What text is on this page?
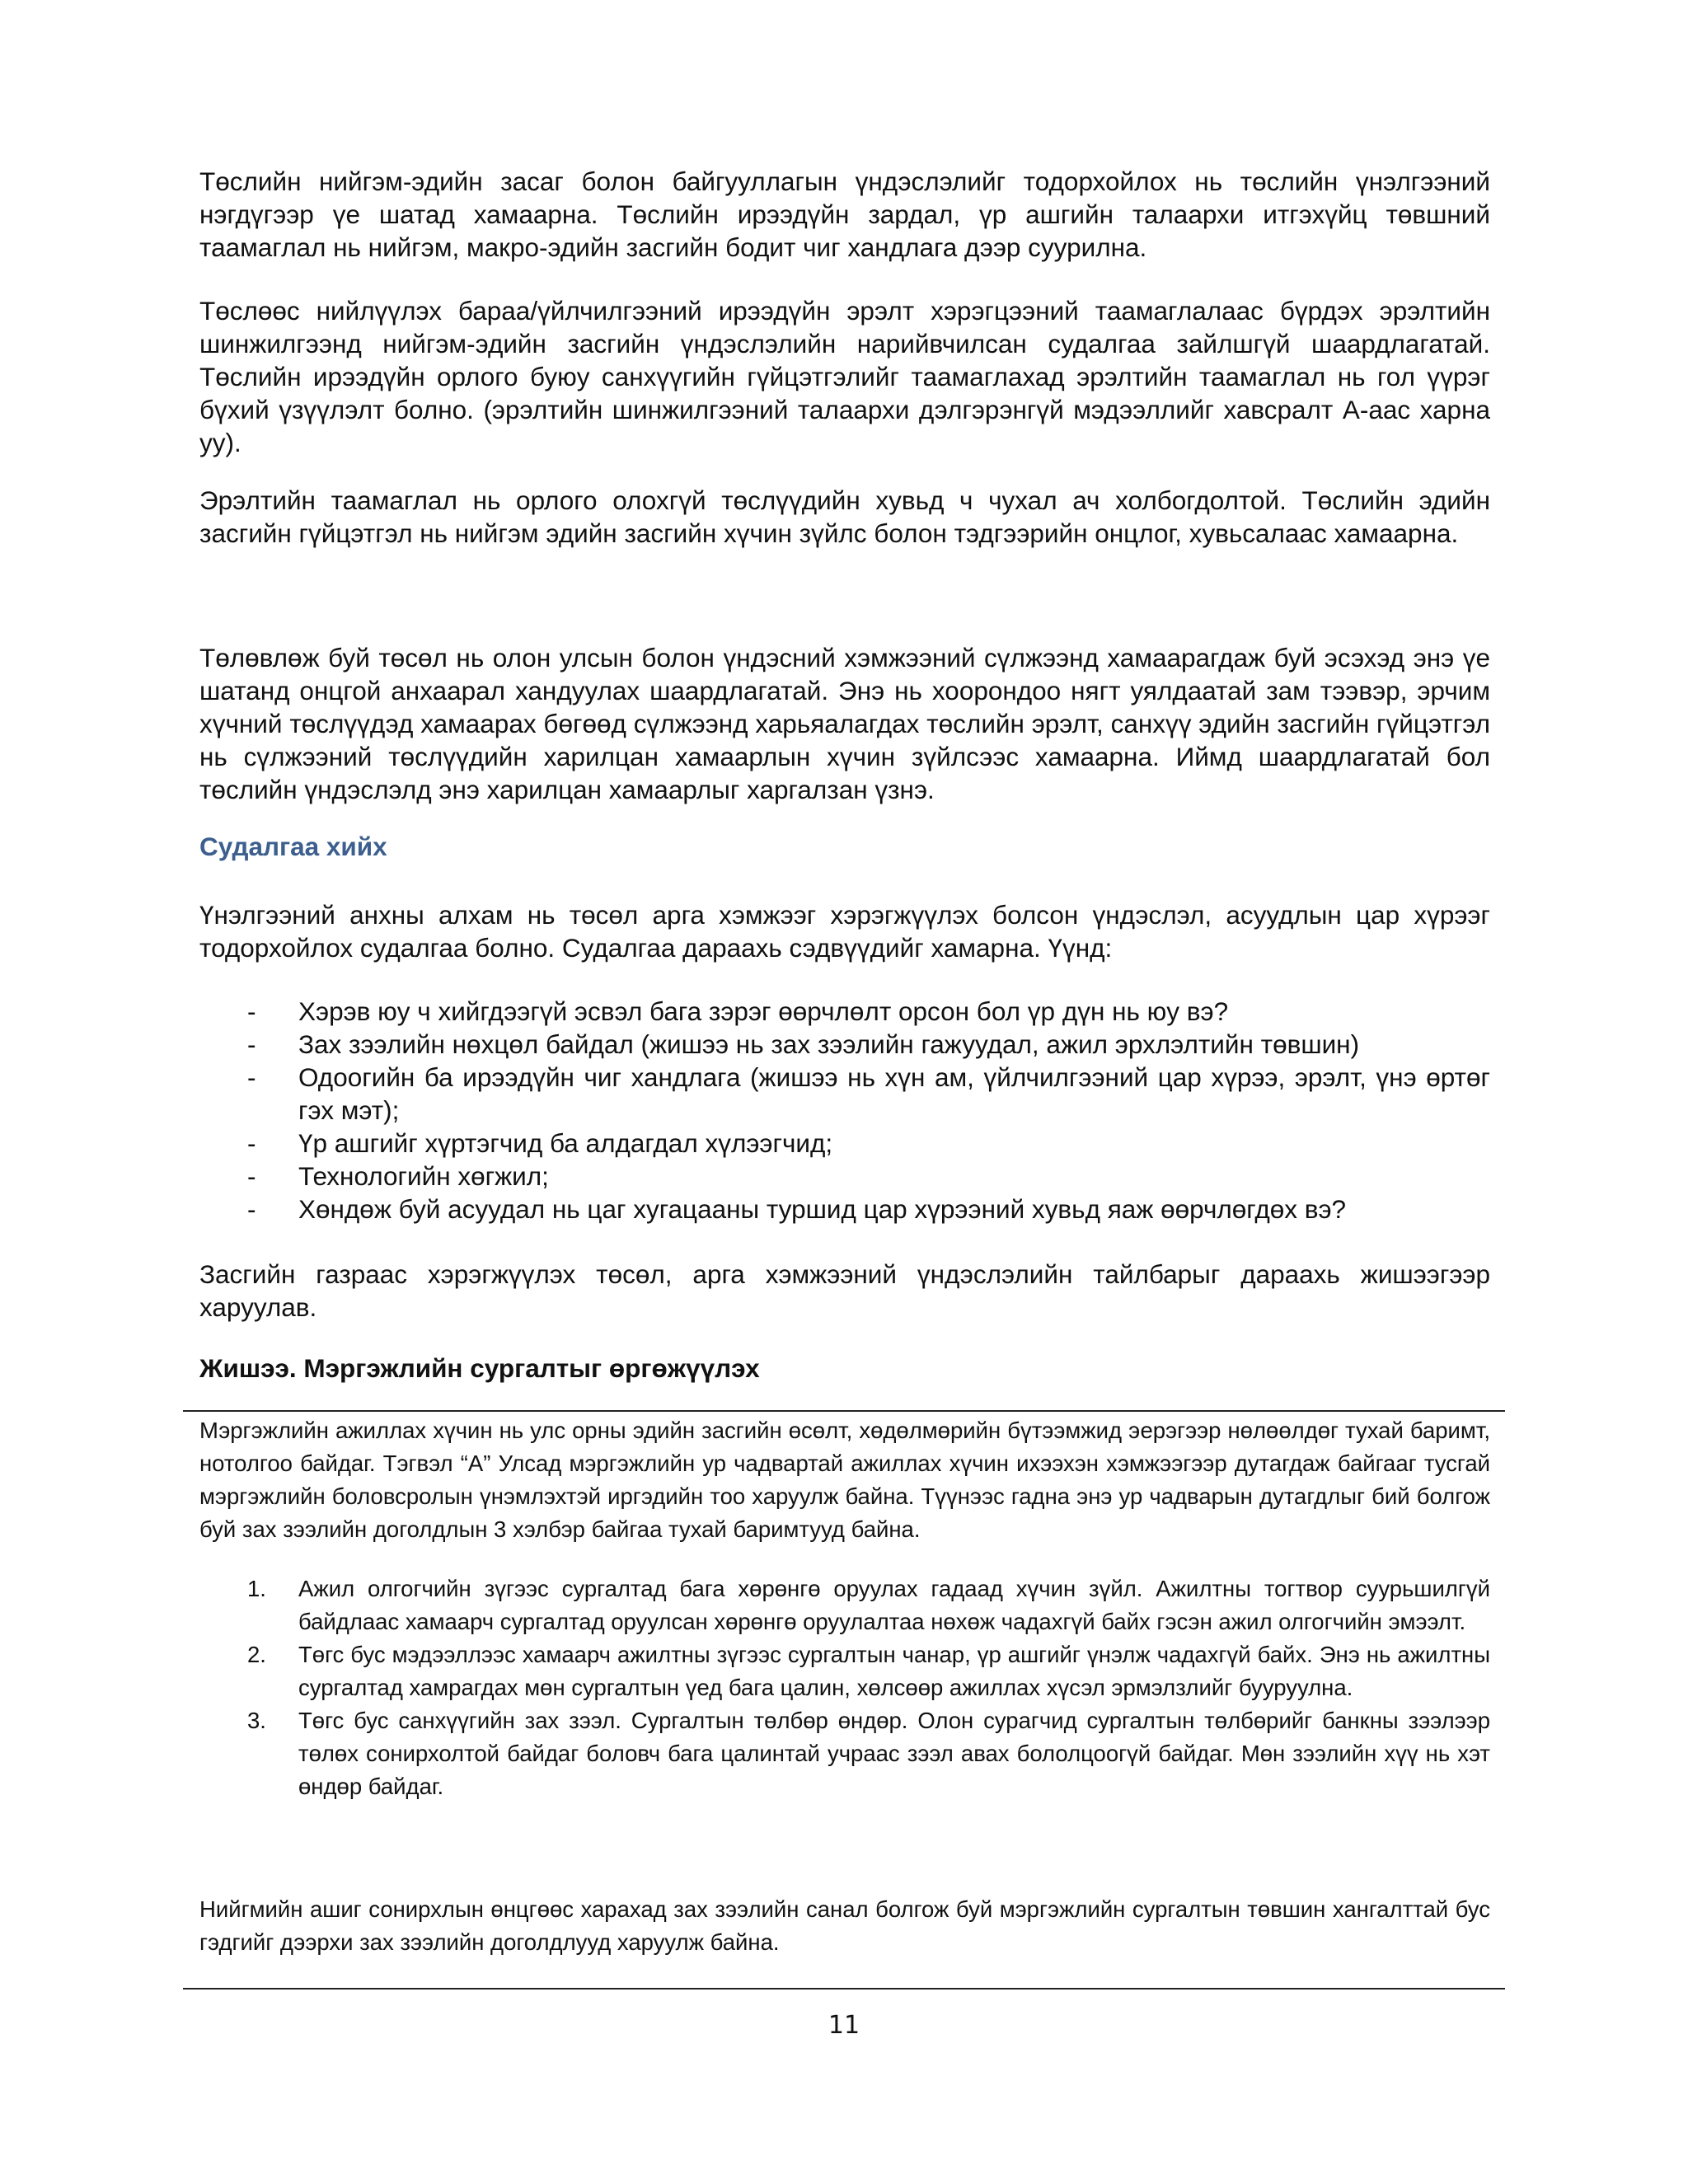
Төслийн нийгэм-эдийн засаг болон байгууллагын үндэслэлийг тодорхойлох нь төслийн үнэлгээний нэгдүгээр үе шатад хамаарна. Төслийн ирээдүйн зардал, үр ашгийн талаархи итгэхүйц төвшний таамаглал нь нийгэм, макро-эдийн засгийн бодит чиг хандлага дээр суурилна.

Төслөөс нийлүүлэх бараа/үйлчилгээний ирээдүйн эрэлт хэрэгцээний таамаглалаас бүрдэх эрэлтийн шинжилгээнд нийгэм-эдийн засгийн үндэслэлийн нарийвчилсан судалгаа зайлшгүй шаардлагатай. Төслийн ирээдүйн орлого буюу санхүүгийн гүйцэтгэлийг таамаглахад эрэлтийн таамаглал нь гол үүрэг бүхий үзүүлэлт болно. (эрэлтийн шинжилгээний талаархи дэлгэрэнгүй мэдээллийг хавсралт А-аас харна уу).

Эрэлтийн таамаглал нь орлого олохгүй төслүүдийн хувьд ч чухал ач холбогдолтой. Төслийн эдийн засгийн гүйцэтгэл нь нийгэм эдийн засгийн хүчин зүйлс болон тэдгээрийн онцлог, хувьсалаас хамаарна.

Төлөвлөж буй төсөл нь олон улсын болон үндэсний хэмжээний сүлжээнд хамаарагдаж буй эсэхэд энэ үе шатанд онцгой анхаарал хандуулах шаардлагатай. Энэ нь хоорондоо нягт уялдаатай зам тээвэр, эрчим хүчний төслүүдэд хамаарах бөгөөд сүлжээнд харьяалагдах төслийн эрэлт, санхүү эдийн засгийн гүйцэтгэл нь сүлжээний төслүүдийн харилцан хамаарлын хүчин зүйлсээс хамаарна. Иймд шаардлагатай бол төслийн үндэслэлд энэ харилцан хамаарлыг харгалзан үзнэ.

Судалгаа хийх

Үнэлгээний анхны алхам нь төсөл арга хэмжээг хэрэгжүүлэх болсон үндэслэл, асуудлын цар хүрээг тодорхойлох судалгаа болно. Судалгаа дараахь сэдвүүдийг хамарна. Үүнд:

- Хэрэв юу ч хийгдээгүй эсвэл бага зэрэг өөрчлөлт орсон бол үр дүн нь юу вэ?
- Зах зээлийн нөхцөл байдал (жишээ нь зах зээлийн гажуудал, ажил эрхлэлтийн төвшин)
- Одоогийн ба ирээдүйн чиг хандлага (жишээ нь хүн ам, үйлчилгээний цар хүрээ, эрэлт, үнэ өртөг гэх мэт);
- Үр ашгийг хүртэгчид ба алдагдал хүлээгчид;
- Технологийн хөгжил;
- Хөндөж буй асуудал нь цаг хугацааны туршид цар хүрээний хувьд яаж өөрчлөгдөх вэ?

Засгийн газраас хэрэгжүүлэх төсөл, арга хэмжээний үндэслэлийн тайлбарыг дараахь жишээгээр харуулав.

Жишээ. Мэргэжлийн сургалтыг өргөжүүлэх

Мэргэжлийн ажиллах хүчин нь улс орны эдийн засгийн өсөлт, хөдөлмөрийн бүтээмжид эерэгээр нөлөөлдөг тухай баримт, нотолгоо байдаг. Тэгвэл “А” Улсад мэргэжлийн ур чадвартай ажиллах хүчин ихээхэн хэмжээгээр дутагдаж байгааг тусгай мэргэжлийн боловсролын үнэмлэхтэй иргэдийн тоо харуулж байна. Түүнээс гадна энэ ур чадварын дутагдлыг бий болгож буй зах зээлийн доголдлын 3 хэлбэр байгаа тухай баримтууд байна.

1. Ажил олгогчийн зүгээс сургалтад бага хөрөнгө оруулах гадаад хүчин зүйл. Ажилтны тогтвор суурьшилгүй байдлаас хамаарч сургалтад оруулсан хөрөнгө оруулалтаа нөхөж чадахгүй байх гэсэн ажил олгогчийн эмээлт.
2. Төгс бус мэдээллээс хамаарч ажилтны зүгээс сургалтын чанар, үр ашгийг үнэлж чадахгүй байх. Энэ нь ажилтны сургалтад хамрагдах мөн сургалтын үед бага цалин, хөлсөөр ажиллах хүсэл эрмэлзлийг бууруулна.
3. Төгс бус санхүүгийн зах зээл. Сургалтын төлбөр өндөр. Олон сурагчид сургалтын төлбөрийг банкны зээлээр төлөх сонирхолтой байдаг боловч бага цалинтай учраас зээл авах бололцоогүй байдаг. Мөн зээлийн хүү нь хэт өндөр байдаг.

Нийгмийн ашиг сонирхлын өнцгөөс харахад зах зээлийн санал болгож буй мэргэжлийн сургалтын төвшин хангалттай бус гэдгийг дээрхи зах зээлийн доголдлууд харуулж байна.

11
